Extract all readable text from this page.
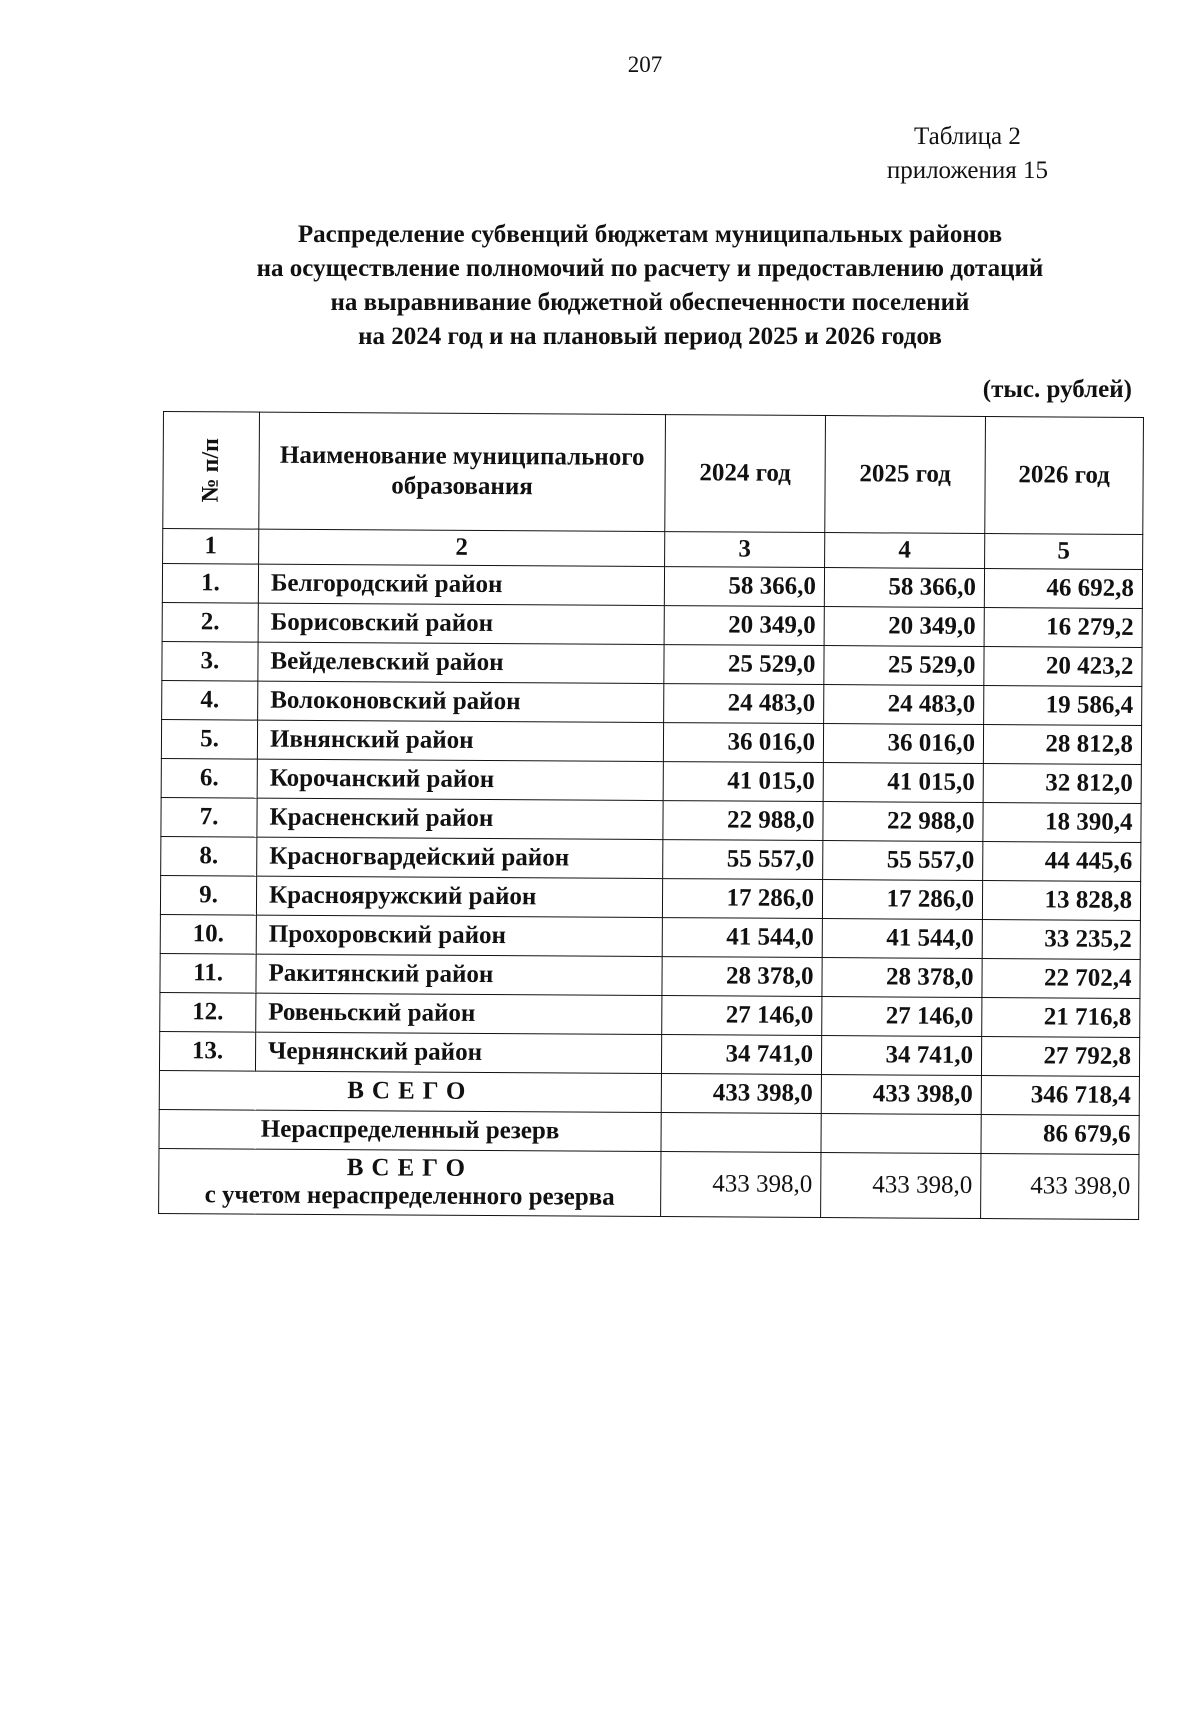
207
Таблица 2
приложения 15
Распределение субвенций бюджетам муниципальных районов
на осуществление полномочий по расчету и предоставлению дотаций
на выравнивание бюджетной обеспеченности поселений
на 2024 год и на плановый период 2025 и 2026 годов
(тыс. рублей)
№ п/п	Наименование муниципального образования	2024 год	2025 год	2026 год
1	2	3	4	5
1.	Белгородский район	58 366,0	58 366,0	46 692,8
2.	Борисовский район	20 349,0	20 349,0	16 279,2
3.	Вейделевский район	25 529,0	25 529,0	20 423,2
4.	Волоконовский район	24 483,0	24 483,0	19 586,4
5.	Ивнянский район	36 016,0	36 016,0	28 812,8
6.	Корочанский район	41 015,0	41 015,0	32 812,0
7.	Красненский район	22 988,0	22 988,0	18 390,4
8.	Красногвардейский район	55 557,0	55 557,0	44 445,6
9.	Краснояружский район	17 286,0	17 286,0	13 828,8
10.	Прохоровский район	41 544,0	41 544,0	33 235,2
11.	Ракитянский район	28 378,0	28 378,0	22 702,4
12.	Ровеньский район	27 146,0	27 146,0	21 716,8
13.	Чернянский район	34 741,0	34 741,0	27 792,8
ВСЕГО		433 398,0	433 398,0	346 718,4
Нераспределенный резерв				86 679,6

ВСЕГО
с учетом нераспределенного резерва		433 398,0	433 398,0	433 398,0
